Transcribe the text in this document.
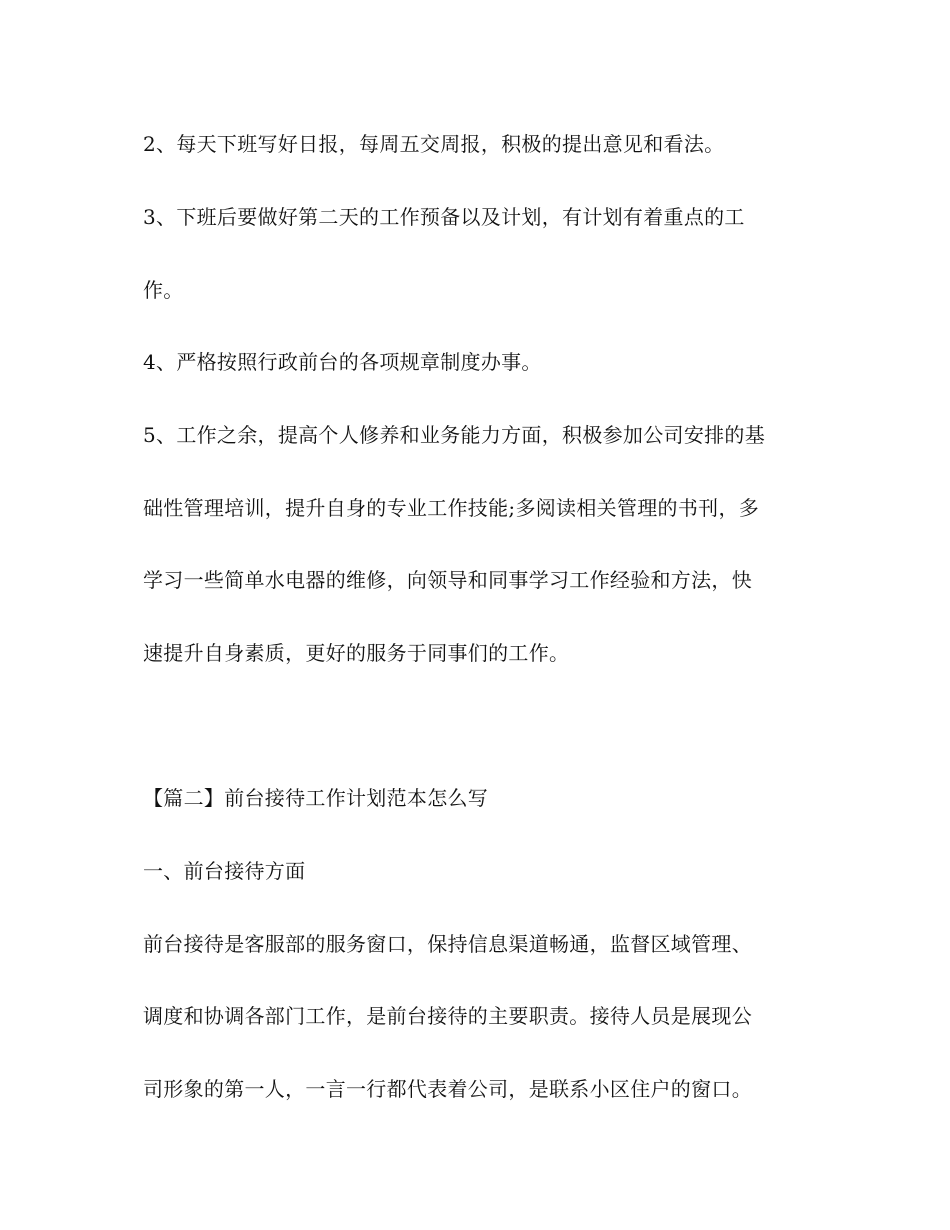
2、每天下班写好日报，每周五交周报，积极的提出意见和看法。
3、下班后要做好第二天的工作预备以及计划，有计划有着重点的工
作。
4、严格按照行政前台的各项规章制度办事。
5、工作之余，提高个人修养和业务能力方面，积极参加公司安排的基
础性管理培训，提升自身的专业工作技能;多阅读相关管理的书刊，多
学习一些简单水电器的维修，向领导和同事学习工作经验和方法，快
速提升自身素质，更好的服务于同事们的工作。
【篇二】前台接待工作计划范本怎么写
一、前台接待方面
前台接待是客服部的服务窗口，保持信息渠道畅通，监督区域管理、
调度和协调各部门工作，是前台接待的主要职责。接待人员是展现公
司形象的第一人，一言一行都代表着公司，是联系小区住户的窗口。
